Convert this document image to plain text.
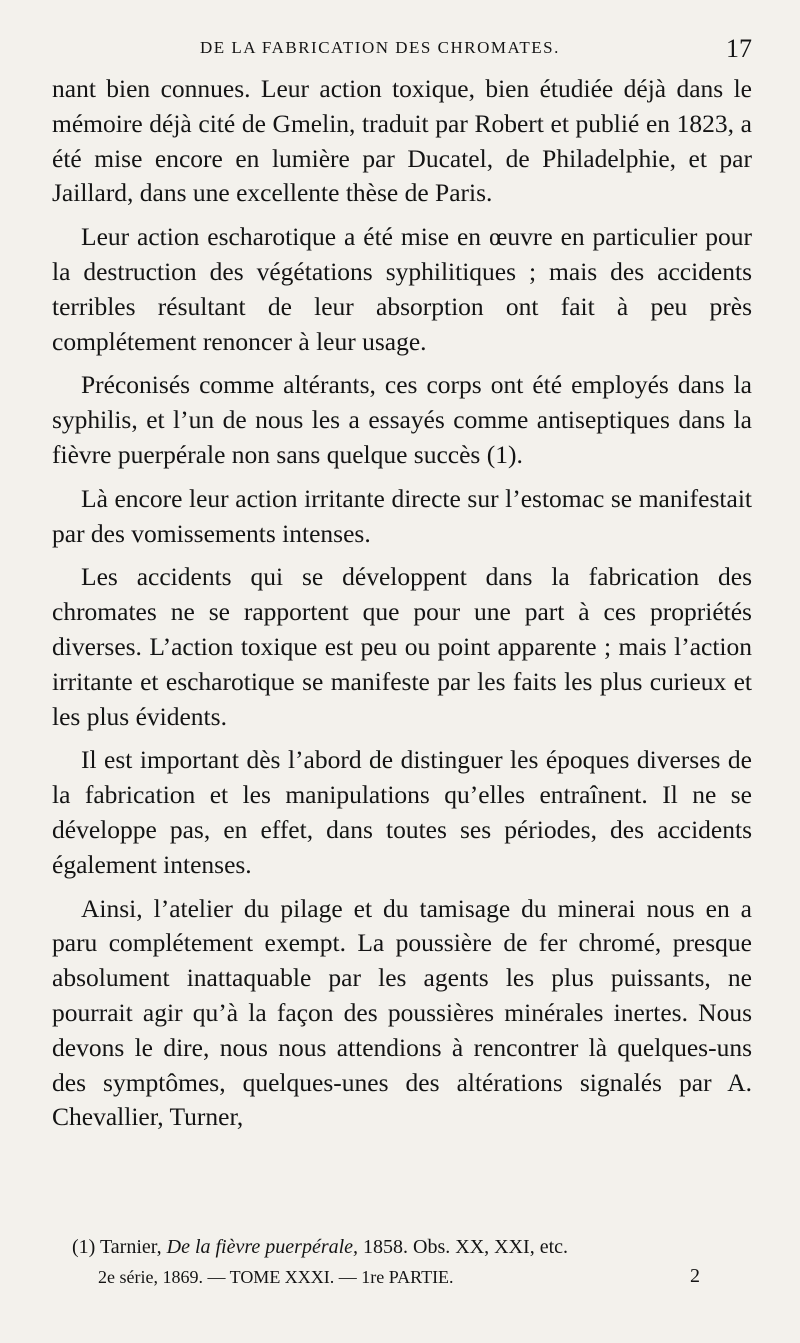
DE LA FABRICATION DES CHROMATES.	17

nant bien connues. Leur action toxique, bien étudiée déjà dans le mémoire déjà cité de Gmelin, traduit par Robert et publié en 1823, a été mise encore en lumière par Ducatel, de Philadelphie, et par Jaillard, dans une excellente thèse de Paris.

Leur action escharotique a été mise en œuvre en particulier pour la destruction des végétations syphilitiques ; mais des accidents terribles résultant de leur absorption ont fait à peu près complétement renoncer à leur usage.

Préconisés comme altérants, ces corps ont été employés dans la syphilis, et l’un de nous les a essayés comme antiseptiques dans la fièvre puerpérale non sans quelque succès (1).

Là encore leur action irritante directe sur l’estomac se manifestait par des vomissements intenses.

Les accidents qui se développent dans la fabrication des chromates ne se rapportent que pour une part à ces propriétés diverses. L’action toxique est peu ou point apparente ; mais l’action irritante et escharotique se manifeste par les faits les plus curieux et les plus évidents.

Il est important dès l’abord de distinguer les époques diverses de la fabrication et les manipulations qu’elles entraînent. Il ne se développe pas, en effet, dans toutes ses périodes, des accidents également intenses.

Ainsi, l’atelier du pilage et du tamisage du minerai nous en a paru complétement exempt. La poussière de fer chromé, presque absolument inattaquable par les agents les plus puissants, ne pourrait agir qu’à la façon des poussières minérales inertes. Nous devons le dire, nous nous attendions à rencontrer là quelques-uns des symptômes, quelques-unes des altérations signalés par A. Chevallier, Turner,

(1) Tarnier, De la fièvre puerpérale, 1858. Obs. XX, XXI, etc.
2e série, 1869. — TOME XXXI. — 1re PARTIE.	2
